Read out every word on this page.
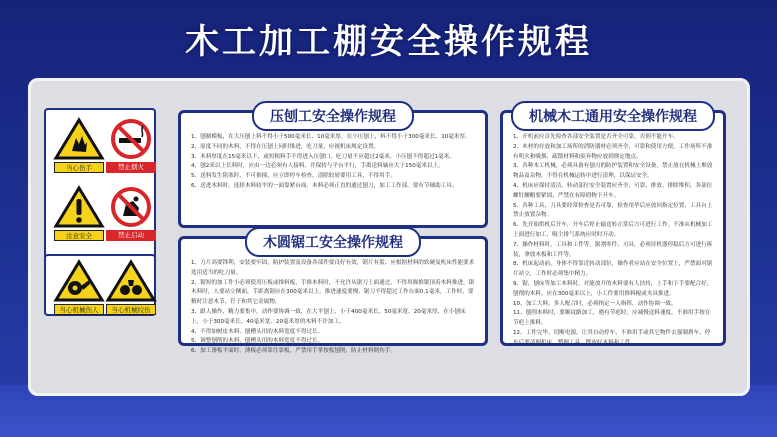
木工加工棚安全操作规程
当心伤手	禁止烟火
注意安全	禁止启动
当心机械伤人	当心机械绞伤
压刨工安全操作规程
1、刨制模板，在大压刨上料不得小于500毫米长、10毫米厚，在小压刨上，料不得小于300毫米长、10毫米厚。
2、原度不同的木料，不得在压刨上同时推进，吃刀量，应视机床规定设置。
3、木料厚度在15毫米以下，或短粗料手不得进入压刨口，吃刀量不应超过2毫米，小压刨不得超过1毫米。
4、刨2米以上长料时，应由一边必须有人接料，并保持与平台平行，手离送料轴应大于150毫米以上。
5、送料发生阻塞时，不可推撞，应立即停车检查，清除胶屑要用工具，不得用手。
6、送进木料时，选择木料较平的一面靠紧台面，木料必须正直的通过刨刀，加工工作部，要有节辅助工具。
木圆锯工安全操作规程
1、刀片高要锋利，安装要牢固，防护装置及设备各部件要良好有效，锯片有裂、应根据材料的软硬及机床性能要求选用适当的吃刀量。
2、锯短的加工件小必须使用压板或推料板，手推木料时，不允许从锯刀上面通过，不得用握推锯顶着木料推进，锯木料时，人要站立侧面，手距离锯应在300毫米以上，推进速度要慢，锯刀不得超过工作台面0.1毫米，工作时，要精时注意木节、钉子和其它金属物。
3、跟人操作，精力要集中，动作要协调一致，在大平刨上，小于400毫米长、50毫米宽、20毫米厚，在小刨床上，小于300毫米长、40毫米宽、20毫米厚的木料不许加工。
4、不得加树皮木料，刨槽头用的木料宽度不得过长。
5、调整刨削的木料，刨槽头用的木料宽度不得过长。
6、加工薄板平面时，薄板必须靠住靠板，严禁用手掌按板刨削，防止材料倒伤手。
机械木工通用安全操作规程
1、开机前应首先检查各部安全装置是否齐全可靠，否则不能开车。
2、木材的存放和加工场所的消防器材必须齐全，可靠和使用方便。工作场所不准有明火和吸烟，疏散材料和废弃物应放到规定地点。
3、各种木工机械，必须具备有刨刃的防护装置和安全设备，禁止放在机械上堆放物品及杂物，不得在机械运转中进行清理，以保证安全。
4、机床应保持清洁，转动部位安全装置应齐全，可靠，排放、排除堆积，各部位螺钉螺帽要紧固，严禁在有障碍物下开车。
5、各种工具，刀具要经常检查是否可靠，检查用毕后应放回指定位置，工具台上禁止放置杂物。
6、先开始供机后开车，开车后停止输送转正常后方可进行工作。不准从机械加工上面进行加工，吸尘排气系统应时时开动。
7、操作材料时，工具和工件等，锯割零件、刃具，必须待机器停稳后方可进行拆装，拿放木板和工件等。
8、机床起动前，身体不得靠近转动部位，操作者应站在安全位置上，严禁面对锯片站立，工作时必须集中精力。
9、锯，刨床等加工木料时，对能放开的木料要有人扶持，上手和下手要配合好，刨削的木料，应在300毫米以上，小工件要用推料棍或夹具推进。
10、加工大料，多人配合时，必须指定一人指挥，动作协调一致。
11、刨削木料时，要顺纹路加工，遇有节疤时，应减慢送料速度，不准用手按在节疤上推料。
12、工作完毕，切断电源，让其自动停车，不准用手或其它物件去强制刹车，停车后要清理机床，整理工具，摆放好木料和工件。
